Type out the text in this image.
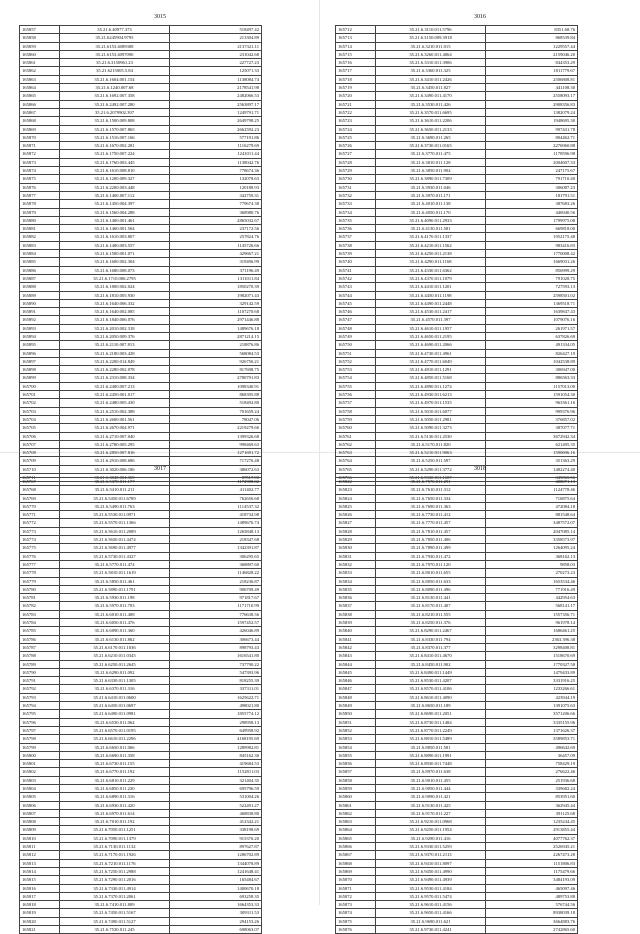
3015
165857	35.21.6.40977.373	518497.42
165858	35.21.6245904.9795	213304.89
165859	35.21.6153.4089308	2137321.11
165860	35.21.6153.4097090	231042.68
165861	35.21.6.3150961.23	227727.23
165862	35.21.6215005.5.84	125071.33
165863	35.21.6.1604.001.154	1138084.74
165864	35.21.6.1240.007.68	2178541.98
165865	35.21.6.1692.007.358	2482066.53
165866	35.21.6.2492.007.280	2563897.17
165867	35.21.6.2079902.397	1249791.71
165868	35.21.6.1500.009.808	2649798.25
165869	35.21.6.1570.007.865	2662592.23
165870	35.21.6.1516.007.166	577191.86
165871	35.21.6.1670.002.281	1116279.69
165872	35.21.6.1750.007.224	1241011.44
165873	35.21.6.1760.003.445	1138042.76
165874	35.21.6.1610.008.810	778674.36
165875	35.21.6.1200.009.327	132078.63
165876	35.21.6.2200.003.448	120188.93
165877	35.21.6.1400.007.112	342759.31
165878	35.21.6.1450.004.397	779674.38
165879	35.21.6.1560.004.288	368980.76
165880	35.21.6.1400.001.461	2865032.67
165881	35.21.6.1460.001.564	237172.56
165882	35.21.6.1610.003.807	257824.76
165883	35.21.6.1400.003.557	1145726.66
165884	35.21.6.1500.001.071	429667.21
165885	35.21.6.1600.002.304	319496.99
165886	35.21.6.1680.008.073	371196.49
165887	35.21.6.1710.006.2795	1311011.84
165888	35.21.6.1800.002.024	1850270.39
165889	35.21.6.1810.005.930	1982071.43
165890	35.21.6.1640.006.332	329142.59
165891	35.21.6.1640.002.085	1107270.68
165892	35.21.6.1840.006.076	2971446.88
165893	35.21.6.2010.002.318	1489676.18
165894	35.21.6.2050.009.376	2871214.15
165895	35.21.6.2110.007.813	218876.86
165896	35.21.6.2180.003.428	568084.53
165897	35.21.6.2200.014.849	926756.21
165898	35.21.6.2280.002.078	817698.75
165899	35.21.6.2310.008.334	2780791.83
165700	35.21.6.2400.007.213	1098340.91
165701	35.21.6.2450.001.017	868395.88
165702	35.21.6.2480.005.430	518492.80
165703	35.21.6.2510.002.388	701659.24
165704	35.21.6.2600.001.561	78047.06
165705	35.21.6.2670.004.971	2219279.66
165706	35.21.6.2710.007.040	1399326.68
165707	35.21.6.2780.005.295	998469.63
165708	35.21.6.2850.007.816	1271691.72
165709	35.21.6.2910.008.686	717276.48
165710	35.21.6.3020.006.186	386072.63
165711	35.21.6.3040.004.369	87517.90
3016
165712	35.21.6.3110.011.5796	8351.68.76
165713	35.21.6.3150.009.3918	868539.84
165714	35.21.6.3210.011.015	1229557.44
165715	35.21.6.3260.011.4064	2159046.20
165716	35.21.6.3310.011.3906	844353.29
165717	35.21.6.3360.011.325	1811779.67
165718	35.21.6.3410.011.2426	2506808.81
165719	35.21.6.3450.011.827	441108.30
165720	35.21.6.3490.011.4170	2558093.17
165721	35.21.6.3530.011.426	2908356.83
165722	35.21.6.3570.011.6695	1382079.24
165723	35.21.6.3610.011.2206	1948695.30
165724	35.21.6.3650.011.2133	997431.78
165725	35.21.6.3690.011.265	804462.71
165726	35.21.6.3730.011.0165	2276960.88
165727	35.21.6.3770.011.475	1178596.98
165728	35.21.6.3810.011.128	2004607.33
165729	35.21.6.3850.011.904	247175.67
165730	35.21.6.3890.011.7309	791710.40
165731	35.21.6.3930.011.046	306087.23
165732	35.21.6.3970.011.171	181791.51
165733	35.21.6.4010.011.138	387683.26
165734	35.21.6.4050.011.170	446940.56
165735	35.21.6.4090.011.2933	1799975.08
165736	35.21.6.4130.011.581	669818.00
165737	35.21.6.4170.011.1337	1952175.48
165738	35.21.6.4210.011.1562	983416.83
165739	35.21.6.4250.011.2138	1770008.42
165740	35.21.6.4290.011.1168	1669031.26
165741	35.21.6.4330.011.6362	856999.29
165742	35.21.6.4370.011.1079	791028.75
165743	35.21.6.4410.011.1201	727593.13
165744	35.21.6.4450.011.1198	2598501.02
165745	35.21.6.4490.011.2448	1369518.71
165746	35.21.6.4530.011.2417	1639847.43
165747	35.21.6.4570.011.397	1079076.16
165748	35.21.6.4610.011.1957	261971.57
165749	35.21.6.4650.011.2195	637826.69
165750	35.21.6.4690.011.2066	491334.05
165751	35.21.6.4730.011.4961	826427.19
165752	35.21.6.4770.011.6049	1042538.89
165753	35.21.6.4810.011.1291	306947.00
165754	35.21.6.4850.011.5168	886563.33
165755	35.21.6.4890.011.1274	1157013.00
165756	35.21.6.4930.011.6213	1591054.30
165757	35.21.6.4970.011.1535	963361.16
165758	35.21.6.5010.011.6077	999376.96
165759	35.21.6.5050.011.2981	376857.02
165760	35.21.6.5090.011.3273	387077.71
165761	35.21.6.5130.011.2530	3672942.34
165762	35.21.6.5170.011.820	621495.35
165763	35.21.6.5210.011.9063	1590696.16
165764	35.21.6.5250.011.597	351363.29
165765	35.21.6.5290.011.3772	1482274.40
165766	35.21.6.5330.011.1687	349865.56
3017
165767	35.21.6.5370.011.177	1172908.02
165768	35.21.6.5410.011.211	411402.77
165769	35.21.6.5450.011.6789	762656.68
165770	35.21.6.5490.011.763	1114537.32
165771	35.21.6.5530.011.0971	418734.98
165772	35.21.6.5570.011.1366	1489676.74
165773	35.21.6.5610.011.2089	1265848.13
165774	35.21.6.5650.011.4474	218347.68
165775	35.21.6.5690.011.4977	1342391.87
165776	35.21.6.5730.011.4327	306295.65
165777	35.21.6.5770.011.474	368897.60
165778	35.21.6.5810.011.1619	1146828.22
165779	35.21.6.5850.011.461	218236.87
165780	35.21.6.5890.011.1791	906709.49
165781	35.21.6.5930.011.198	971817.67
165782	35.21.6.5970.011.703	1171710.99
165783	35.21.6.6010.011.408	776638.56
165784	35.21.6.6050.011.476	1597452.57
165785	35.21.6.6090.011.360	426046.89
165786	35.21.6.6130.011.862	306673.44
165787	35.21.6.6170.011.1036	898793.43
165788	35.21.6.6210.011.0345	1616541.80
165789	35.21.6.6250.011.2645	737790.22
165790	35.21.6.6290.011.092	547393.96
165791	35.21.6.6330.011.1305	818255.39
165792	35.21.6.6370.011.316	337311.01
165793	35.21.6.6410.011.0600	1625622.71
165794	35.21.6.6450.011.0697	498021.80
165795	35.21.6.6490.011.0981	1855774.12
165796	35.21.6.6530.011.064	298958.13
165797	35.21.6.6570.011.0195	649958.92
165798	35.21.6.6610.011.2296	4168195.69
165799	35.21.6.6650.011.066	1289982.81
165800	35.21.6.6690.011.358	845162.30
165801	35.21.6.6730.011.155	419684.53
165802	35.21.6.6770.011.192	1152811.03
165803	35.21.6.6810.011.229	321404.35
165804	35.21.6.6850.011.230	695796.59
165805	35.21.6.6890.011.316	531004.26
165806	35.21.6.6930.011.420	522491.27
165807	35.21.6.6970.011.614	468838.80
165808	35.21.6.7010.011.192	412342.21
165809	35.21.6.7050.011.1251	338198.69
165810	35.21.6.7090.011.1379	915376.20
165811	35.21.6.7130.011.1132	897627.87
165812	35.21.6.7170.011.1926	1286702.89
165813	35.21.6.7210.011.1176	1344078.89
165814	35.21.6.7250.011.2988	1241648.41
165815	35.21.6.7290.011.2016	165484.67
165816	35.21.6.7330.011.4914	1400670.18
165817	35.21.6.7370.011.2061	693258.35
165818	35.21.6.7410.011.809	1664353.33
165819	35.21.6.7450.011.5167	309311.53
165820	35.21.6.7490.011.5127	294153.26
165821	35.21.6.7530.011.245	698063.07
3018
165822	35.21.6.7570.011.291	408071.13
165823	35.21.6.7610.011.312	1124778.46
165824	35.21.6.7650.011.334	716875.64
165825	35.21.6.7690.011.363	472084.18
165826	35.21.6.7730.011.412	881548.64
165827	35.21.6.7770.011.457	3487572.07
165828	35.21.6.7810.011.457	2047085.14
165829	35.21.6.7850.011.406	3358573.97
165830	35.21.6.7890.011.499	1264095.24
165831	35.21.6.7930.011.472	368162.13
165832	35.21.6.7970.011.120	9858.03
165833	35.21.6.8010.011.655	270273.23
165834	35.21.6.8050.011.633	1653534.46
165835	35.21.6.8090.011.496	771916.49
165836	35.21.6.8130.011.441	442954.63
165837	35.21.6.8170.011.407	568141.17
165838	35.21.6.8210.011.555	1557356.71
165839	35.21.6.8250.011.376	961978.14
165840	35.21.6.8290.011.2467	1686461.25
165841	35.21.6.8330.011.794	2363.396.38
165842	35.21.6.8370.011.377	3298408.81
165843	35.21.6.8410.011.4670	1518670.69
165844	35.21.6.8450.011.902	1770327.58
165845	35.21.6.8490.011.1449	1479433.89
165846	35.21.6.8530.011.4207	3331916.25
165847	35.21.6.8570.011.4106	1233266.61
165848	35.21.6.8610.011.4090	423944.19
165849	35.21.6.8650.011.189	1391075.63
165850	35.21.6.8690.011.2051	3571206.66
165851	35.21.6.8730.011.1484	3335155.96
165852	35.21.6.8770.011.2249	1371626.37
165853	35.21.6.8810.011.5489	3589853.71
165854	35.21.6.8850.011.581	496642.69
165855	35.21.6.8890.011.1991	36457.09
165856	35.21.6.8930.011.7448	758429.19
165857	35.21.6.8970.011.638	276622.46
165858	35.21.6.9010.011.455	251936.68
165859	35.21.6.9050.011.444	339682.24
165860	35.21.6.9090.011.421	853951.60
165861	35.21.6.9130.011.425	362945.44
165862	35.21.6.9170.011.227	391125.68
165863	35.21.6.9210.011.0968	1235244.45
165864	35.21.6.9250.011.1954	2913855.44
165865	35.21.6.9290.011.416	4077762.37
165866	35.21.6.9330.011.5259	2526945.21
165867	35.21.6.9370.011.2113	2267473.28
165868	35.21.6.9410.011.8097	1151806.83
165869	35.21.6.9450.011.4990	1175479.66
165870	35.21.6.9490.011.4939	3484193.09
165871	35.21.6.9530.011.4184	465097.46
165872	35.21.6.9570.011.5474	489753.88
165873	35.21.6.9610.011.4156	576744.56
165874	35.21.6.9650.011.4166	8938039.18
165875	35.21.6.9690.011.621	3664883.76
165876	35.21.6.9730.011.4241	2742865.60
